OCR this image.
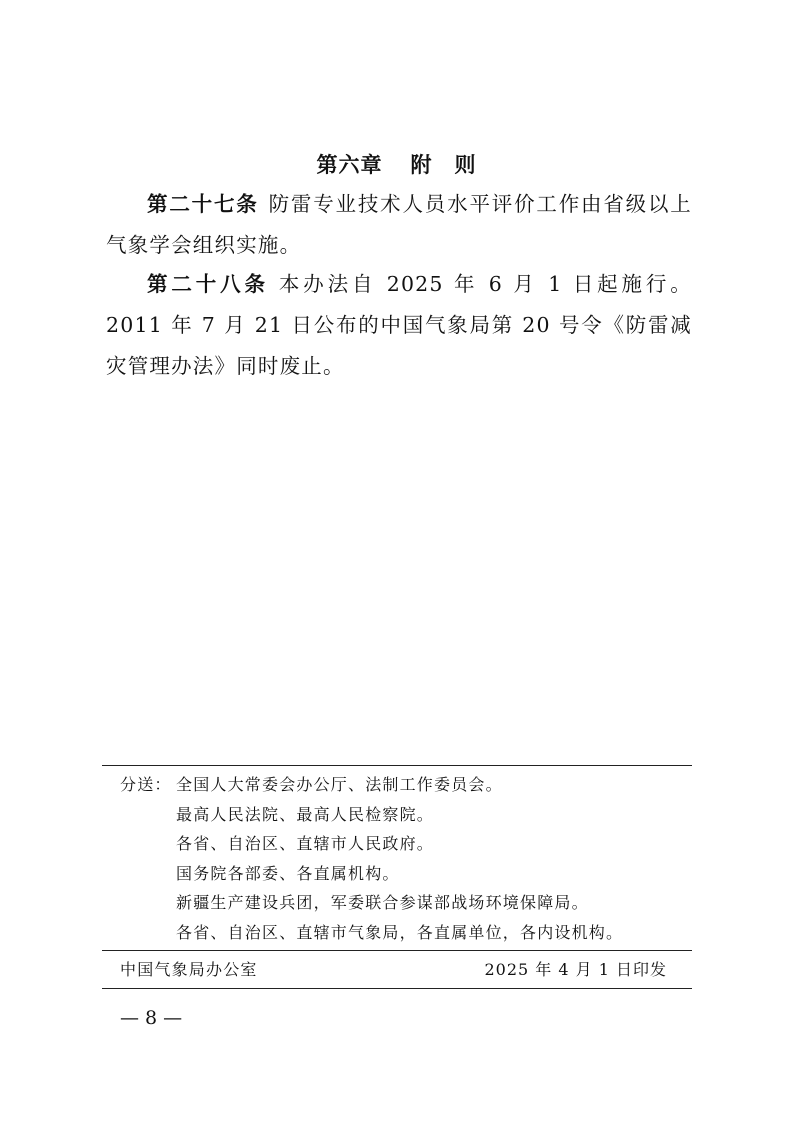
第六章 附 则

第二十七条 防雷专业技术人员水平评价工作由省级以上气象学会组织实施。

第二十八条 本办法自 2025 年 6 月 1 日起施行。2011 年 7 月 21 日公布的中国气象局第 20 号令《防雷减灾管理办法》同时废止。

分送： 全国人大常委会办公厅、法制工作委员会。
最高人民法院、最高人民检察院。
各省、自治区、直辖市人民政府。
国务院各部委、各直属机构。
新疆生产建设兵团，军委联合参谋部战场环境保障局。
各省、自治区、直辖市气象局，各直属单位，各内设机构。
中国气象局办公室	2025 年 4 月 1 日印发
— 8 —
